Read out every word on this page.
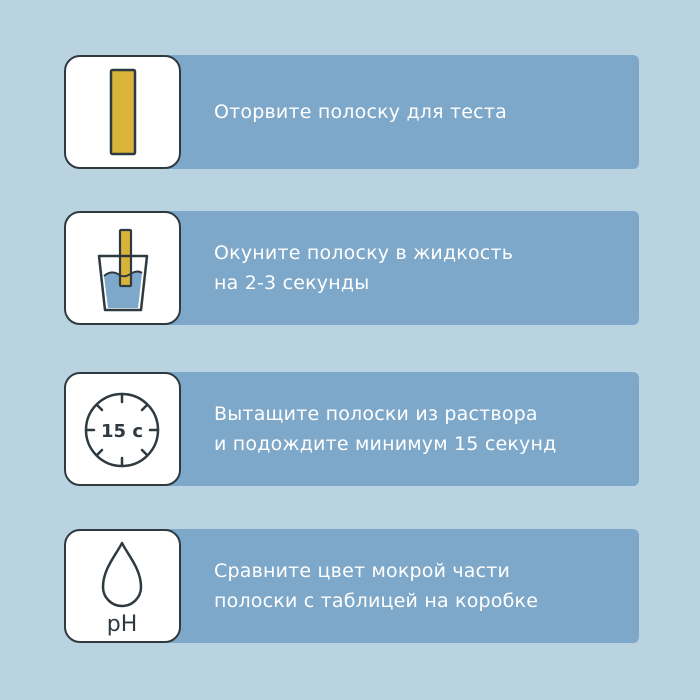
Оторвите полоску для теста
Окуните полоску в жидкость
на 2-3 секунды
15 с
Вытащите полоски из раствора
и подождите минимум 15 секунд
pH
Сравните цвет мокрой части
полоски с таблицей на коробке
